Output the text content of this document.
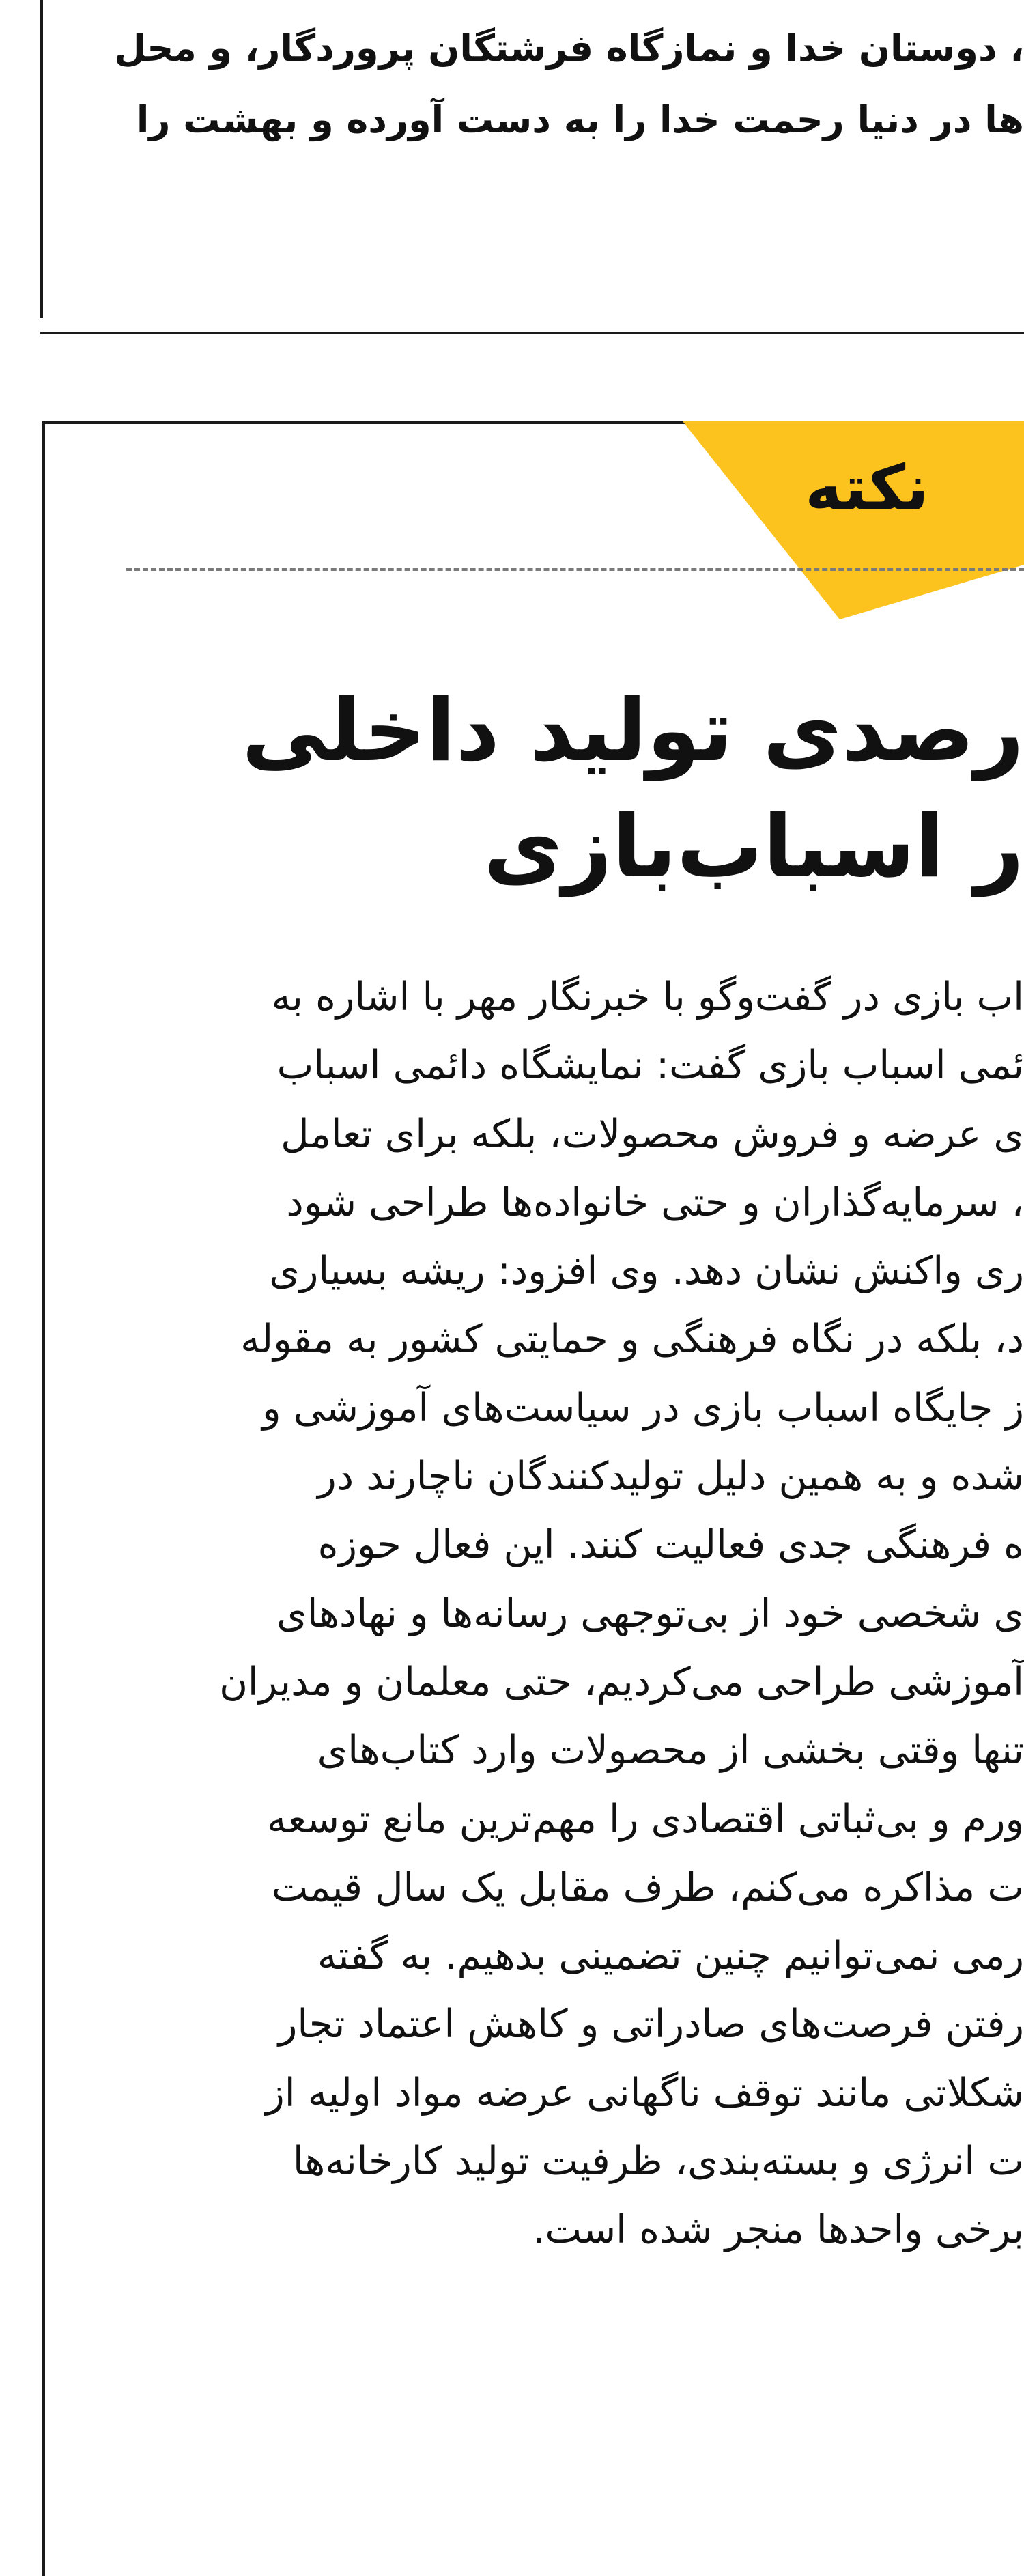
، دوستان خدا و نمازگاه فرشتگان پروردگار، و محل
ها در دنیا رحمت خدا را به دست آورده و بهشت را
نکته
رصدی تولید داخلی
ر اسباب‌بازی
اب بازی در گفت‌وگو با خبرنگار مهر با اشاره به
ئمی اسباب بازی گفت: نمایشگاه دائمی اسباب
ی عرضه و فروش محصولات، بلکه برای تعامل
، سرمایه‌گذاران و حتی خانواده‌ها طراحی شود
ری واکنش نشان دهد. وی افزود: ریشه بسیاری
د، بلکه در نگاه فرهنگی و حمایتی کشور به مقوله
ز جایگاه اسباب بازی در سیاست‌های آموزشی و
شده و به همین دلیل تولیدکنندگان ناچارند در
ه فرهنگی جدی فعالیت کنند. این فعال حوزه
ی شخصی خود از بی‌توجهی رسانه‌ها و نهادهای
آموزشی طراحی می‌کردیم، حتی معلمان و مدیران
تنها وقتی بخشی از محصولات وارد کتاب‌های
ورم و بی‌ثباتی اقتصادی را مهم‌ترین مانع توسعه
ت مذاکره می‌کنم، طرف مقابل یک سال قیمت
رمی نمی‌توانیم چنین تضمینی بدهیم. به گفته
رفتن فرصت‌های صادراتی و کاهش اعتماد تجار
شکلاتی مانند توقف ناگهانی عرضه مواد اولیه از
ت انرژی و بسته‌بندی، ظرفیت تولید کارخانه‌ها
برخی واحدها منجر شده است.
